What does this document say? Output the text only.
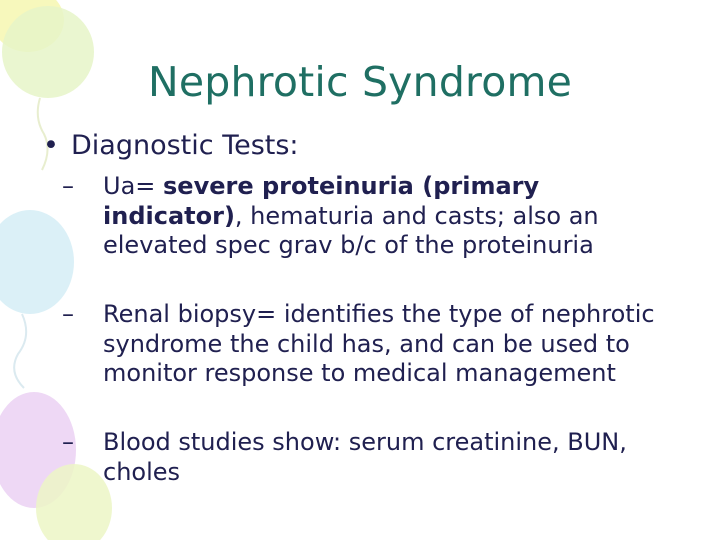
Nephrotic Syndrome
• Diagnostic Tests:
– Ua= severe proteinuria (primary indicator), hematuria and casts; also an elevated spec grav b/c of the proteinuria
– Renal biopsy= identifies the type of nephrotic syndrome the child has, and can be used to monitor response to medical management
– Blood studies show: serum creatinine, BUN, choles
